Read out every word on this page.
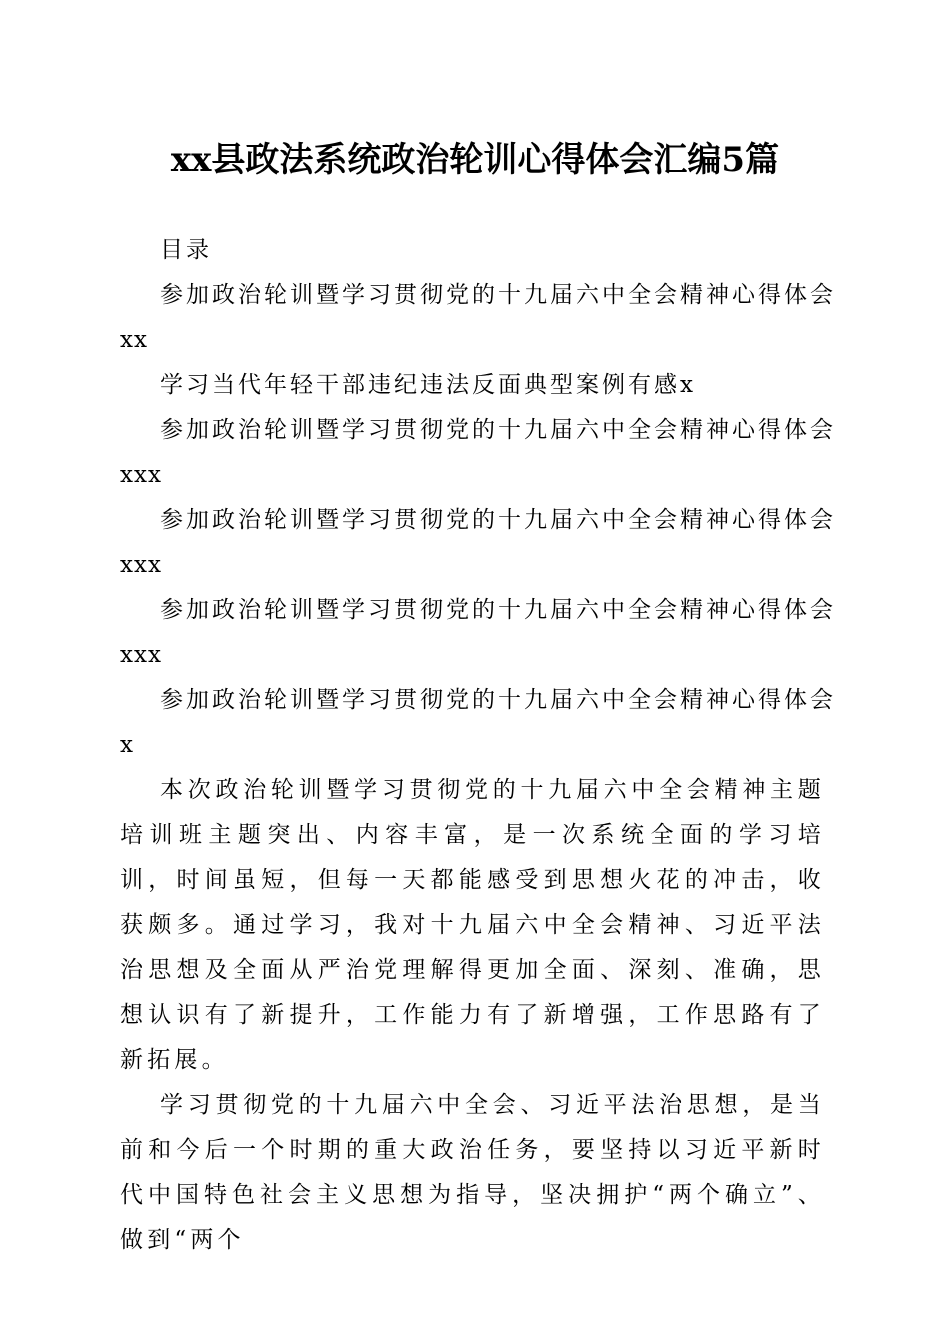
xx县政法系统政治轮训心得体会汇编5篇
目录
参加政治轮训暨学习贯彻党的十九届六中全会精神心得体会
xx
学习当代年轻干部违纪违法反面典型案例有感x
参加政治轮训暨学习贯彻党的十九届六中全会精神心得体会
xxx
参加政治轮训暨学习贯彻党的十九届六中全会精神心得体会
xxx
参加政治轮训暨学习贯彻党的十九届六中全会精神心得体会
xxx
参加政治轮训暨学习贯彻党的十九届六中全会精神心得体会
x

本次政治轮训暨学习贯彻党的十九届六中全会精神主题培训班主题突出、内容丰富，是一次系统全面的学习培训，时间虽短，但每一天都能感受到思想火花的冲击，收获颇多。通过学习，我对十九届六中全会精神、习近平法治思想及全面从严治党理解得更加全面、深刻、准确，思想认识有了新提升，工作能力有了新增强，工作思路有了新拓展。

学习贯彻党的十九届六中全会、习近平法治思想，是当前和今后一个时期的重大政治任务，要坚持以习近平新时代中国特色社会主义思想为指导，坚决拥护“两个确立”、做到“两个
